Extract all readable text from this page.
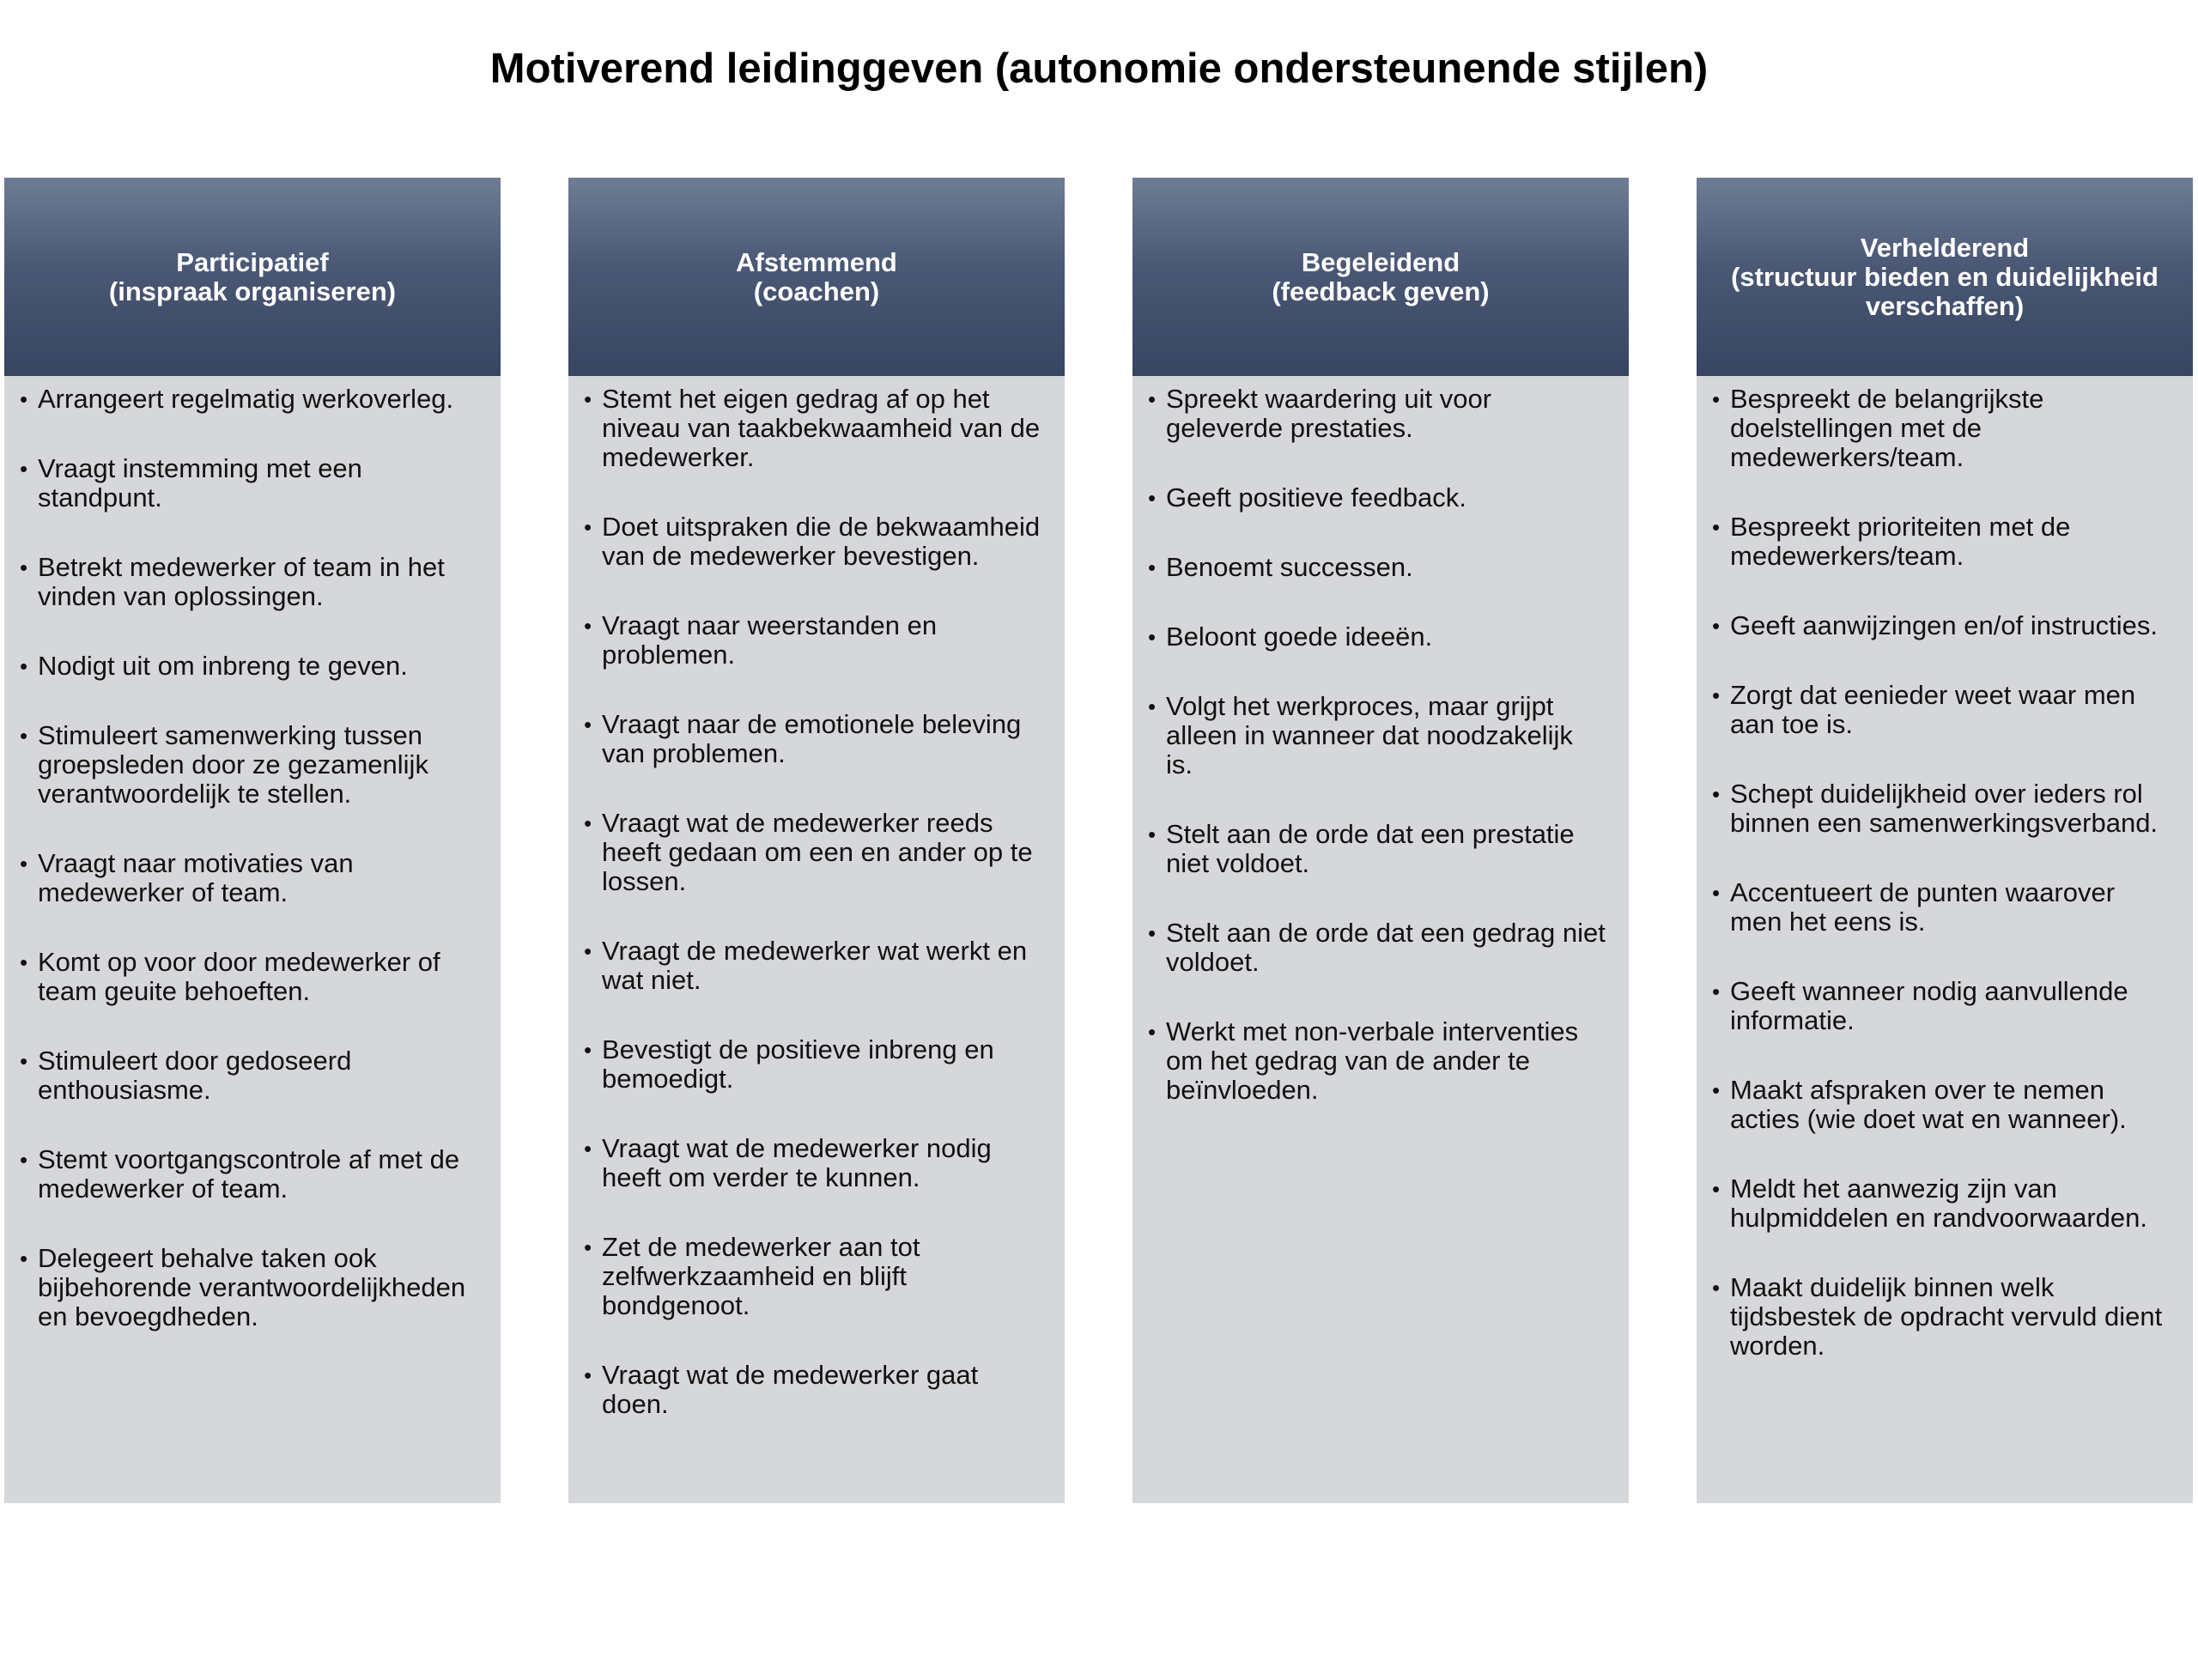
Motiverend leidinggeven (autonomie ondersteunende stijlen)
Participatief
(inspraak organiseren)
• Arrangeert regelmatig werkoverleg.
• Vraagt instemming met een standpunt.
• Betrekt medewerker of team in het vinden van oplossingen.
• Nodigt uit om inbreng te geven.
• Stimuleert samenwerking tussen groepsleden door ze gezamenlijk verantwoordelijk te stellen.
• Vraagt naar motivaties van medewerker of team.
• Komt op voor door medewerker of team geuite behoeften.
• Stimuleert door gedoseerd enthousiasme.
• Stemt voortgangscontrole af met de medewerker of team.
• Delegeert behalve taken ook bijbehorende verantwoordelijkheden en bevoegdheden.
Afstemmend
(coachen)
• Stemt het eigen gedrag af op het niveau van taakbekwaamheid van de medewerker.
• Doet uitspraken die de bekwaamheid van de medewerker bevestigen.
• Vraagt naar weerstanden en problemen.
• Vraagt naar de emotionele beleving van problemen.
• Vraagt wat de medewerker reeds heeft gedaan om een en ander op te lossen.
• Vraagt de medewerker wat werkt en wat niet.
• Bevestigt de positieve inbreng en bemoedigt.
• Vraagt wat de medewerker nodig heeft om verder te kunnen.
• Zet de medewerker aan tot zelfwerkzaamheid en blijft bondgenoot.
• Vraagt wat de medewerker gaat doen.
Begeleidend
(feedback geven)
• Spreekt waardering uit voor geleverde prestaties.
• Geeft positieve feedback.
• Benoemt successen.
• Beloont goede ideeën.
• Volgt het werkproces, maar grijpt alleen in wanneer dat noodzakelijk is.
• Stelt aan de orde dat een prestatie niet voldoet.
• Stelt aan de orde dat een gedrag niet voldoet.
• Werkt met non-verbale interventies om het gedrag van de ander te beïnvloeden.
Verhelderend
(structuur bieden en duidelijkheid verschaffen)
• Bespreekt de belangrijkste doelstellingen met de medewerkers/team.
• Bespreekt prioriteiten met de medewerkers/team.
• Geeft aanwijzingen en/of instructies.
• Zorgt dat eenieder weet waar men aan toe is.
• Schept duidelijkheid over ieders rol binnen een samenwerkingsverband.
• Accentueert de punten waarover men het eens is.
• Geeft wanneer nodig aanvullende informatie.
• Maakt afspraken over te nemen acties (wie doet wat en wanneer).
• Meldt het aanwezig zijn van hulpmiddelen en randvoorwaarden.
• Maakt duidelijk binnen welk tijdsbestek de opdracht vervuld dient worden.
